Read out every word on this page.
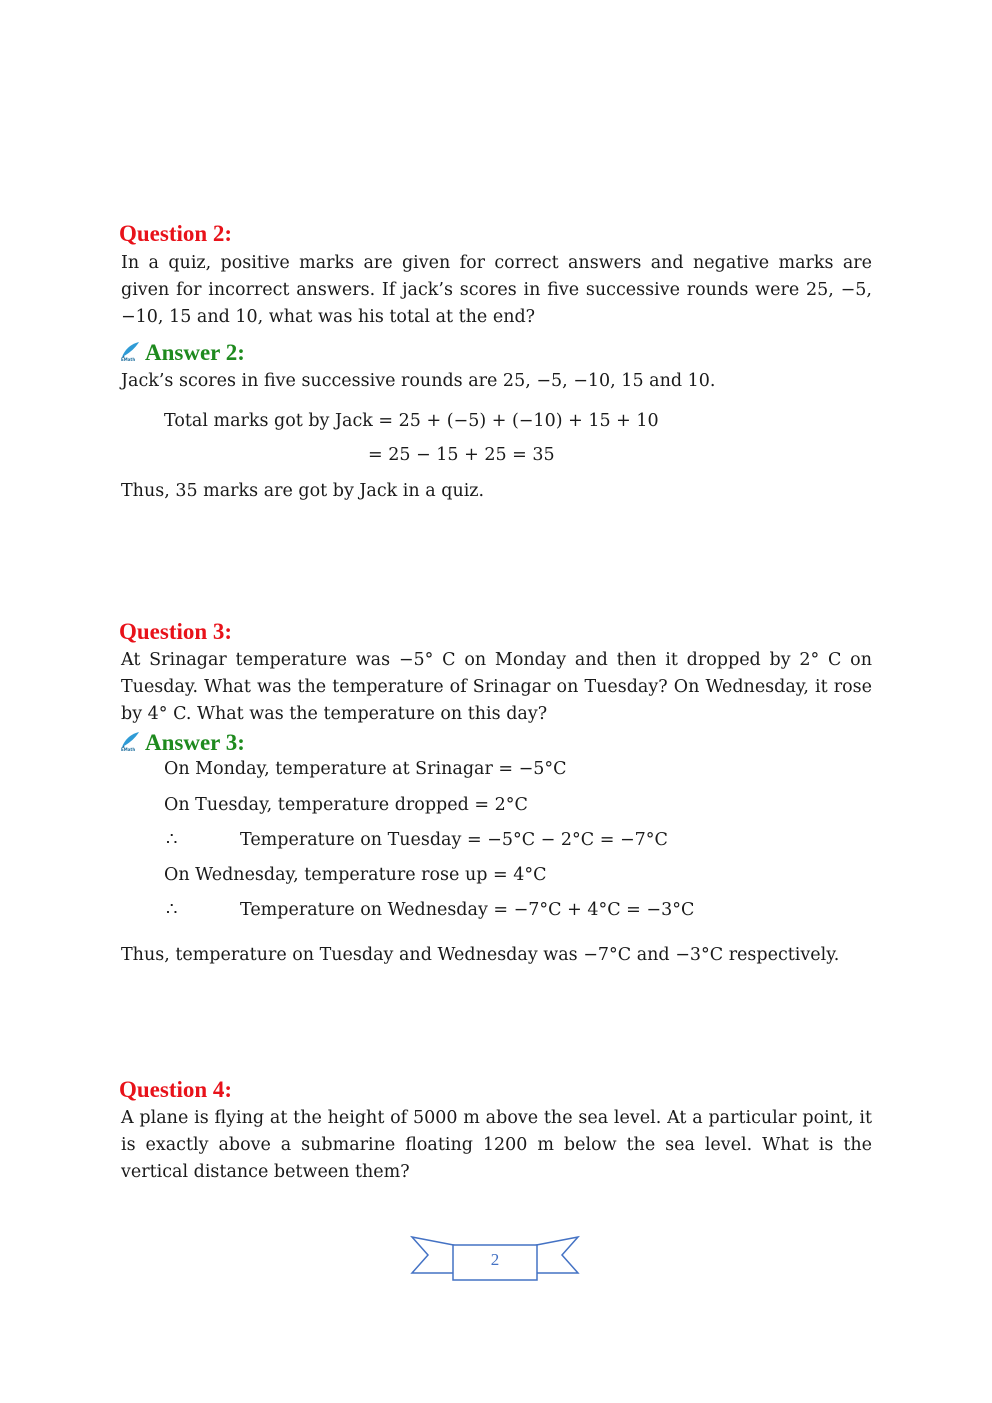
Question 2:

In a quiz, positive marks are given for correct answers and negative marks are given for incorrect answers. If jack’s scores in five successive rounds were 25, −5, −10, 15 and 10, what was his total at the end?

EMath Answer 2:

Jack’s scores in five successive rounds are 25, −5, −10, 15 and 10.

Total marks got by Jack = 25 + (−5) + (−10) + 15 + 10

= 25 − 15 + 25 = 35

Thus, 35 marks are got by Jack in a quiz.

Question 3:

At Srinagar temperature was −5° C on Monday and then it dropped by 2° C on Tuesday. What was the temperature of Srinagar on Tuesday? On Wednesday, it rose by 4° C. What was the temperature on this day?

EMath Answer 3:

On Monday, temperature at Srinagar = −5°C

On Tuesday, temperature dropped = 2°C

∴	Temperature on Tuesday = −5°C − 2°C = −7°C

On Wednesday, temperature rose up = 4°C

∴	Temperature on Wednesday = −7°C + 4°C = −3°C

Thus, temperature on Tuesday and Wednesday was −7°C and −3°C respectively.

Question 4:

A plane is flying at the height of 5000 m above the sea level. At a particular point, it is exactly above a submarine floating 1200 m below the sea level. What is the vertical distance between them?

2
